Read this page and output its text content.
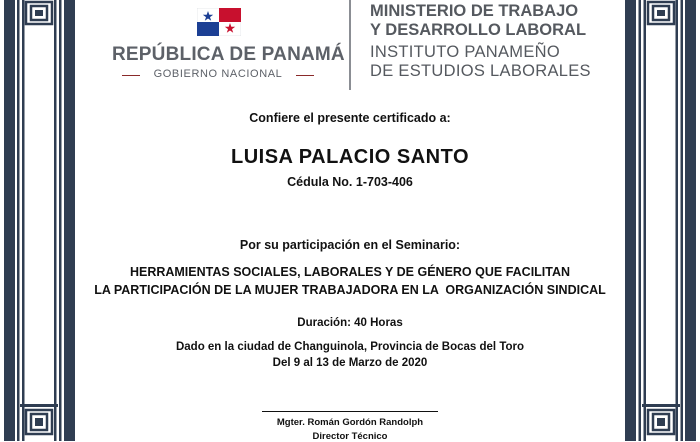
REPÚBLICA DE PANAMÁ
GOBIERNO NACIONAL
MINISTERIO DE TRABAJO
Y DESARROLLO LABORAL
INSTITUTO PANAMEÑO
DE ESTUDIOS LABORALES
Confiere el presente certificado a:
LUISA PALACIO SANTO
Cédula No. 1-703-406
Por su participación en el Seminario:
HERRAMIENTAS SOCIALES, LABORALES Y DE GÉNERO QUE FACILITAN
LA PARTICIPACIÓN DE LA MUJER TRABAJADORA EN LA  ORGANIZACIÓN SINDICAL
Duración: 40 Horas
Dado en la ciudad de Changuinola, Provincia de Bocas del Toro
Del 9 al 13 de Marzo de 2020
Mgter. Román Gordón Randolph
Director Técnico
